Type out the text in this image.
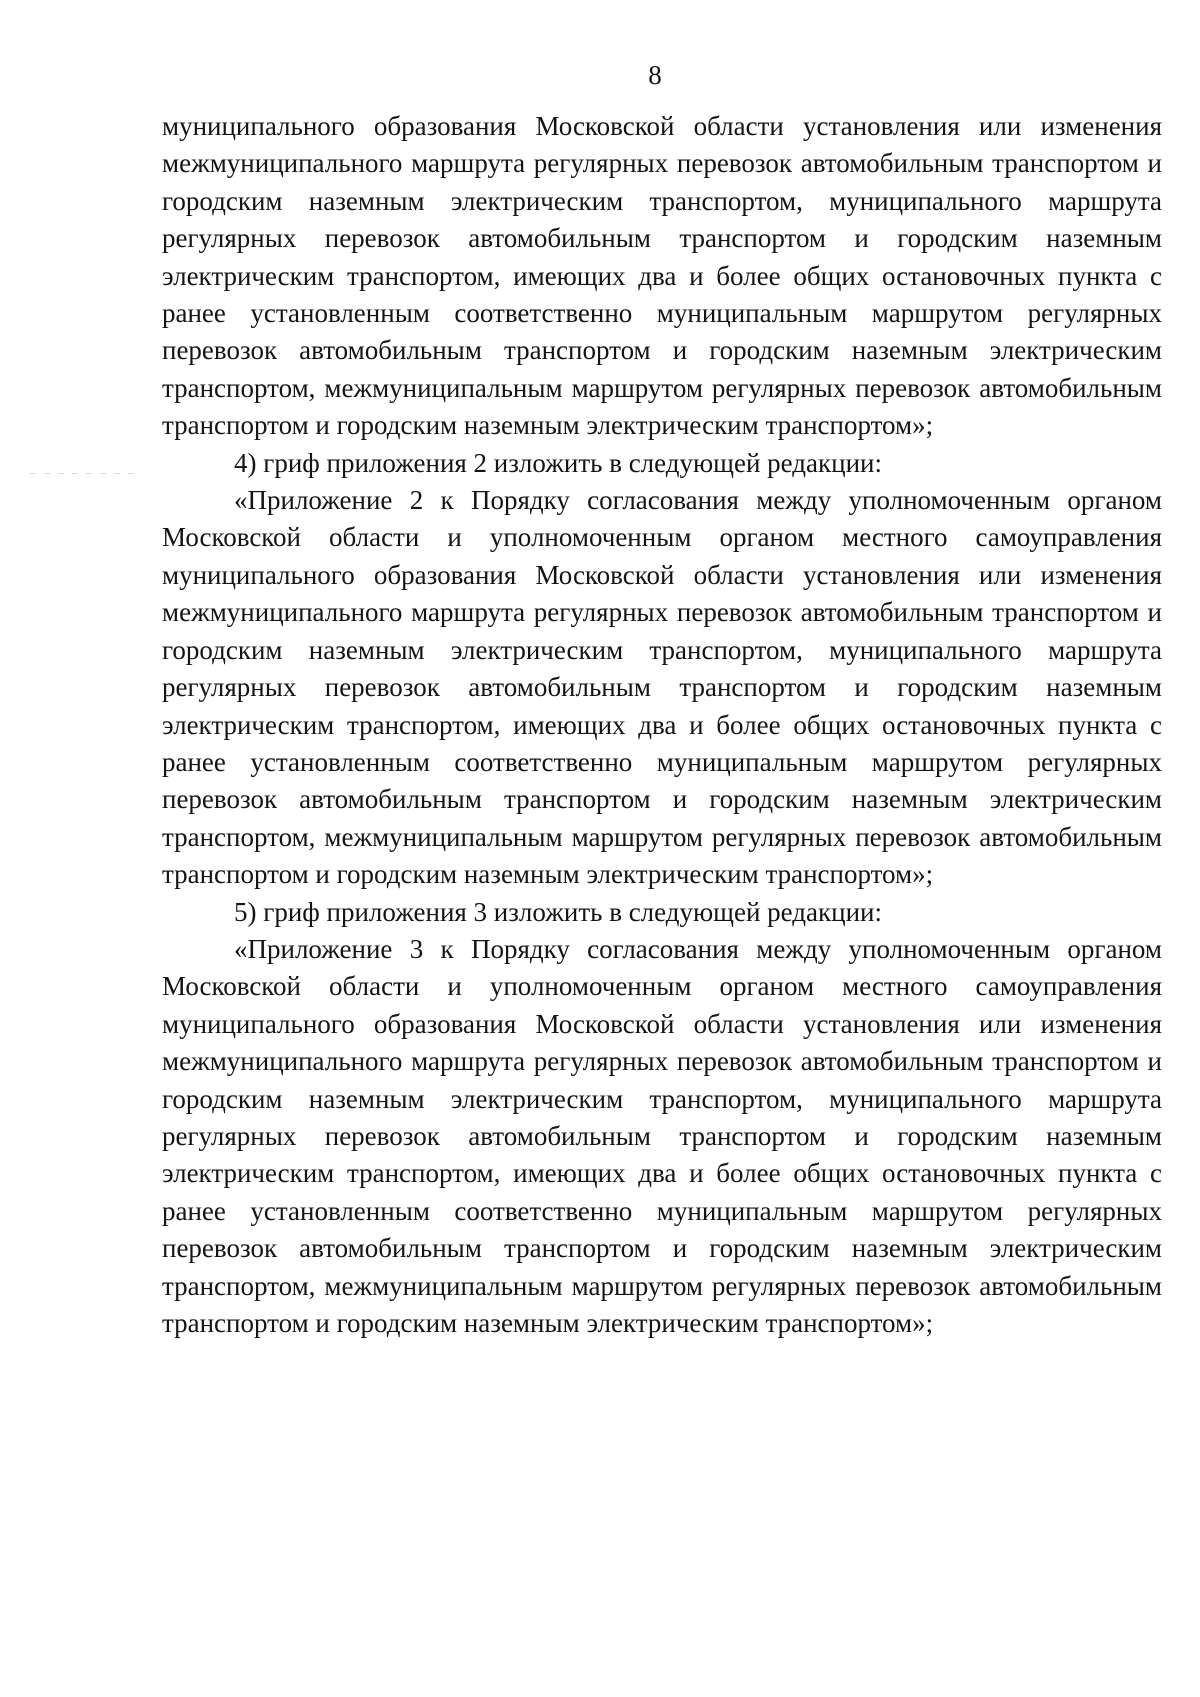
8

муниципального образования Московской области установления или изменения межмуниципального маршрута регулярных перевозок автомобильным транспортом и городским наземным электрическим транспортом, муниципального маршрута регулярных перевозок автомобильным транспортом и городским наземным электрическим транспортом, имеющих два и более общих остановочных пункта с ранее установленным соответственно муниципальным маршрутом регулярных перевозок автомобильным транспортом и городским наземным электрическим транспортом, межмуниципальным маршрутом регулярных перевозок автомобильным транспортом и городским наземным электрическим транспортом»;

4) гриф приложения 2 изложить в следующей редакции:

«Приложение 2 к Порядку согласования между уполномоченным органом Московской области и уполномоченным органом местного самоуправления муниципального образования Московской области установления или изменения межмуниципального маршрута регулярных перевозок автомобильным транспортом и городским наземным электрическим транспортом, муниципального маршрута регулярных перевозок автомобильным транспортом и городским наземным электрическим транспортом, имеющих два и более общих остановочных пункта с ранее установленным соответственно муниципальным маршрутом регулярных перевозок автомобильным транспортом и городским наземным электрическим транспортом, межмуниципальным маршрутом регулярных перевозок автомобильным транспортом и городским наземным электрическим транспортом»;

5) гриф приложения 3 изложить в следующей редакции:

«Приложение 3 к Порядку согласования между уполномоченным органом Московской области и уполномоченным органом местного самоуправления муниципального образования Московской области установления или изменения межмуниципального маршрута регулярных перевозок автомобильным транспортом и городским наземным электрическим транспортом, муниципального маршрута регулярных перевозок автомобильным транспортом и городским наземным электрическим транспортом, имеющих два и более общих остановочных пункта с ранее установленным соответственно муниципальным маршрутом регулярных перевозок автомобильным транспортом и городским наземным электрическим транспортом, межмуниципальным маршрутом регулярных перевозок автомобильным транспортом и городским наземным электрическим транспортом»;
